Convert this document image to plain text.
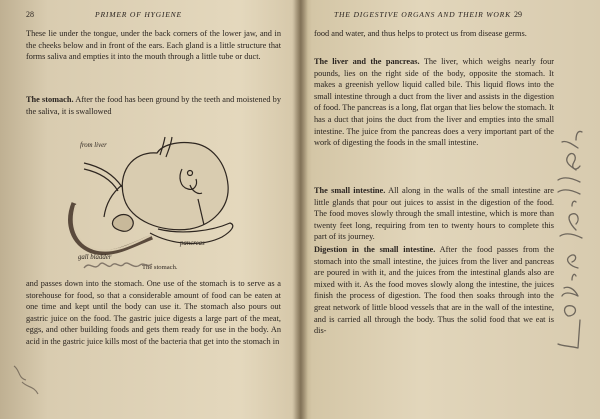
28	PRIMER OF HYGIENE

These lie under the tongue, under the back corners of the lower jaw, and in the cheeks below and in front of the ears. Each gland is a little structure that forms saliva and empties it into the mouth through a little tube or duct.

The stomach. After the food has been ground by the teeth and moistened by the saliva, it is swallowed

from liver
gall bladder
pancreas
The stomach.

and passes down into the stomach. One use of the stomach is to serve as a storehouse for food, so that a considerable amount of food can be eaten at one time and kept until the body can use it. The stomach also pours out gastric juice on the food. The gastric juice digests a large part of the meat, eggs, and other building foods and gets them ready for use in the body. An acid in the gastric juice kills most of the bacteria that get into the stomach in

THE DIGESTIVE ORGANS AND THEIR WORK 29

food and water, and thus helps to protect us from disease germs.

The liver and the pancreas. The liver, which weighs nearly four pounds, lies on the right side of the body, opposite the stomach. It makes a greenish yellow liquid called bile. This liquid flows into the small intestine through a duct from the liver and assists in the digestion of food. The pancreas is a long, flat organ that lies below the stomach. It has a duct that joins the duct from the liver and empties into the small intestine. The juice from the pancreas does a very important part of the work of digesting the foods in the small intestine.

The small intestine. All along in the walls of the small intestine are little glands that pour out juices to assist in the digestion of the food. The food moves slowly through the small intestine, which is more than twenty feet long, requiring from ten to twenty hours to complete this part of its journey.

Digestion in the small intestine. After the food passes from the stomach into the small intestine, the juices from the liver and pancreas are poured in with it, and the juices from the intestinal glands also are mixed with it. As the food moves slowly along the intestine, the juices finish the process of digestion. The food then soaks through into the great network of little blood vessels that are in the wall of the intestine, and is carried all through the body. Thus the solid food that we eat is dis-
